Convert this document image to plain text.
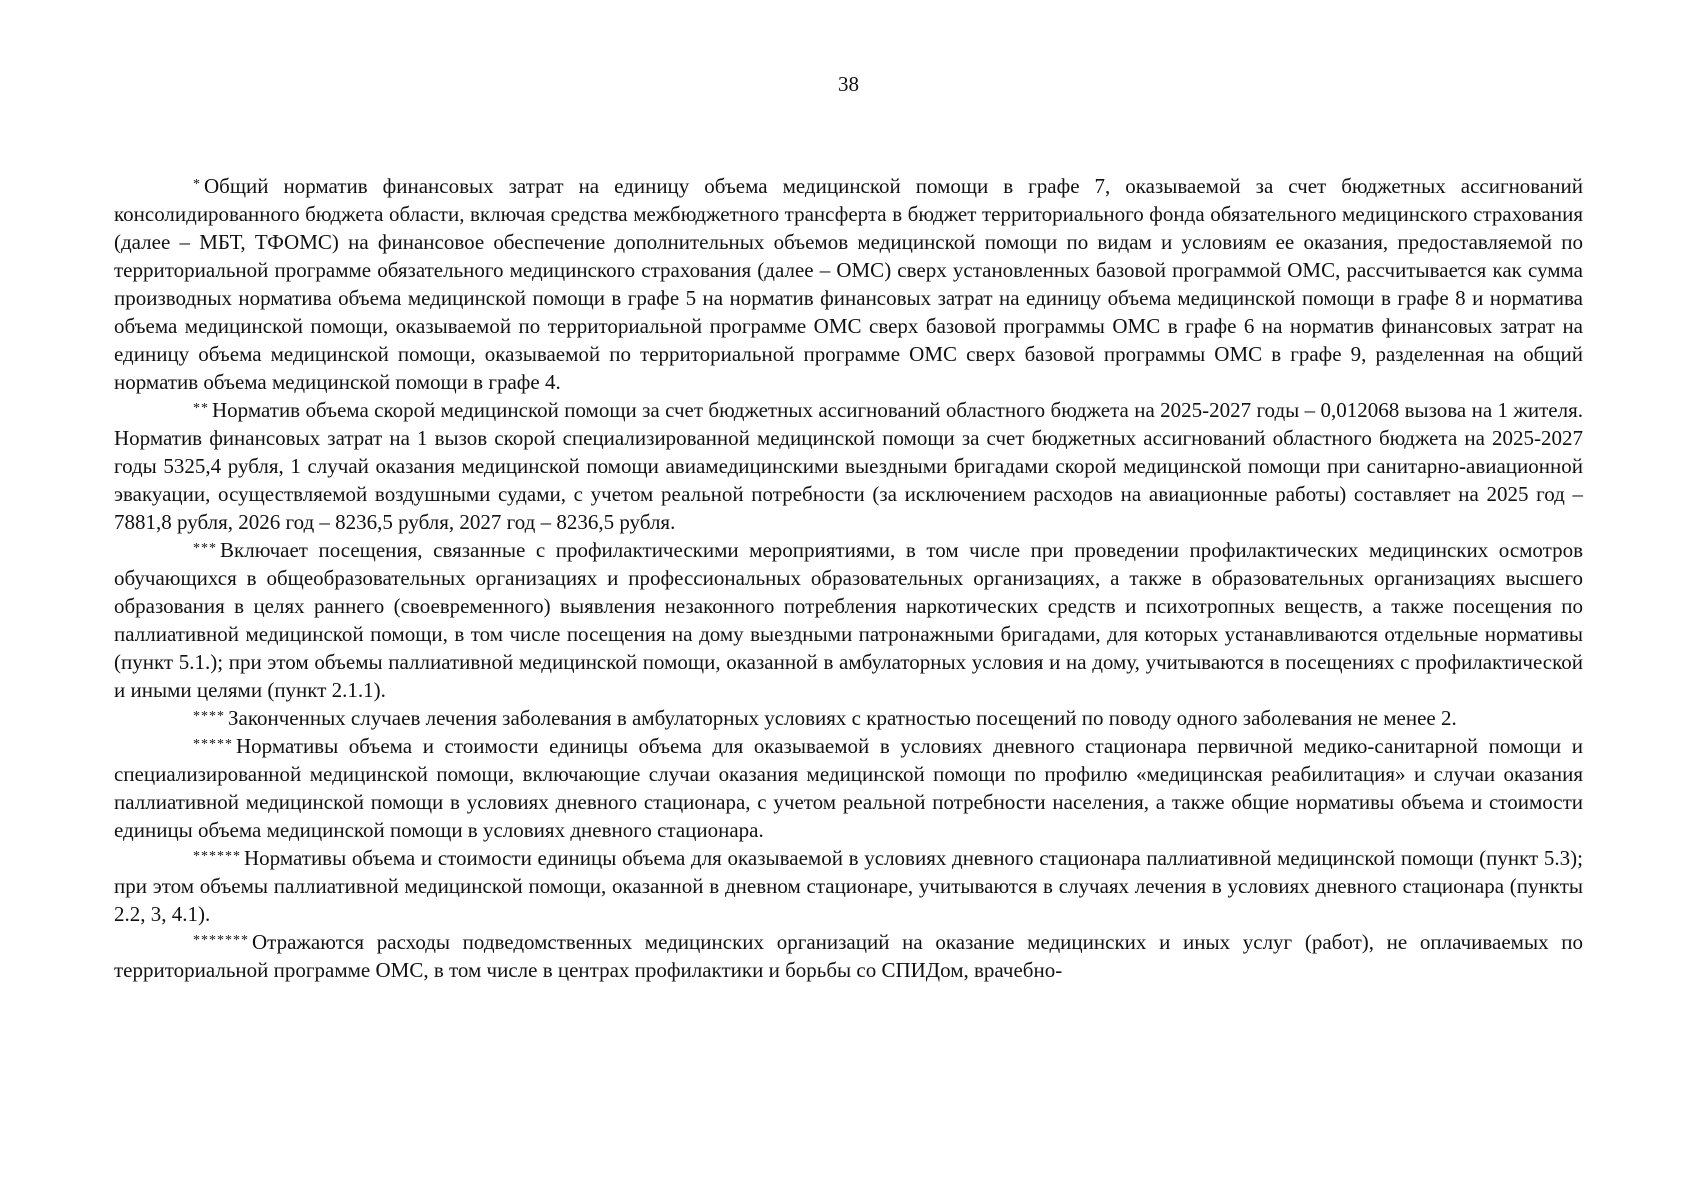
38

* Общий норматив финансовых затрат на единицу объема медицинской помощи в графе 7, оказываемой за счет бюджетных ассигнований консолидированного бюджета области, включая средства межбюджетного трансферта в бюджет территориального фонда обязательного медицинского страхования (далее – МБТ, ТФОМС) на финансовое обеспечение дополнительных объемов медицинской помощи по видам и условиям ее оказания, предоставляемой по территориальной программе обязательного медицинского страхования (далее – ОМС) сверх установленных базовой программой ОМС, рассчитывается как сумма производных норматива объема медицинской помощи в графе 5 на норматив финансовых затрат на единицу объема медицинской помощи в графе 8 и норматива объема медицинской помощи, оказываемой по территориальной программе ОМС сверх базовой программы ОМС в графе 6 на норматив финансовых затрат на единицу объема медицинской помощи, оказываемой по территориальной программе ОМС сверх базовой программы ОМС в графе 9, разделенная на общий норматив объема медицинской помощи в графе 4.

** Норматив объема скорой медицинской помощи за счет бюджетных ассигнований областного бюджета на 2025-2027 годы – 0,012068 вызова на 1 жителя. Норматив финансовых затрат на 1 вызов скорой специализированной медицинской помощи за счет бюджетных ассигнований областного бюджета на 2025-2027 годы 5325,4 рубля, 1 случай оказания медицинской помощи авиамедицинскими выездными бригадами скорой медицинской помощи при санитарно-авиационной эвакуации, осуществляемой воздушными судами, с учетом реальной потребности (за исключением расходов на авиационные работы) составляет на 2025 год – 7881,8 рубля, 2026 год – 8236,5 рубля, 2027 год – 8236,5 рубля.

*** Включает посещения, связанные с профилактическими мероприятиями, в том числе при проведении профилактических медицинских осмотров обучающихся в общеобразовательных организациях и профессиональных образовательных организациях, а также в образовательных организациях высшего образования в целях раннего (своевременного) выявления незаконного потребления наркотических средств и психотропных веществ, а также посещения по паллиативной медицинской помощи, в том числе посещения на дому выездными патронажными бригадами, для которых устанавливаются отдельные нормативы (пункт 5.1.); при этом объемы паллиативной медицинской помощи, оказанной в амбулаторных условия и на дому, учитываются в посещениях с профилактической и иными целями (пункт 2.1.1).

**** Законченных случаев лечения заболевания в амбулаторных условиях с кратностью посещений по поводу одного заболевания не менее 2.

***** Нормативы объема и стоимости единицы объема для оказываемой в условиях дневного стационара первичной медико-санитарной помощи и специализированной медицинской помощи, включающие случаи оказания медицинской помощи по профилю «медицинская реабилитация» и случаи оказания паллиативной медицинской помощи в условиях дневного стационара, с учетом реальной потребности населения, а также общие нормативы объема и стоимости единицы объема медицинской помощи в условиях дневного стационара.

****** Нормативы объема и стоимости единицы объема для оказываемой в условиях дневного стационара паллиативной медицинской помощи (пункт 5.3); при этом объемы паллиативной медицинской помощи, оказанной в дневном стационаре, учитываются в случаях лечения в условиях дневного стационара (пункты 2.2, 3, 4.1).

******* Отражаются расходы подведомственных медицинских организаций на оказание медицинских и иных услуг (работ), не оплачиваемых по территориальной программе ОМС, в том числе в центрах профилактики и борьбы со СПИДом, врачебно-
